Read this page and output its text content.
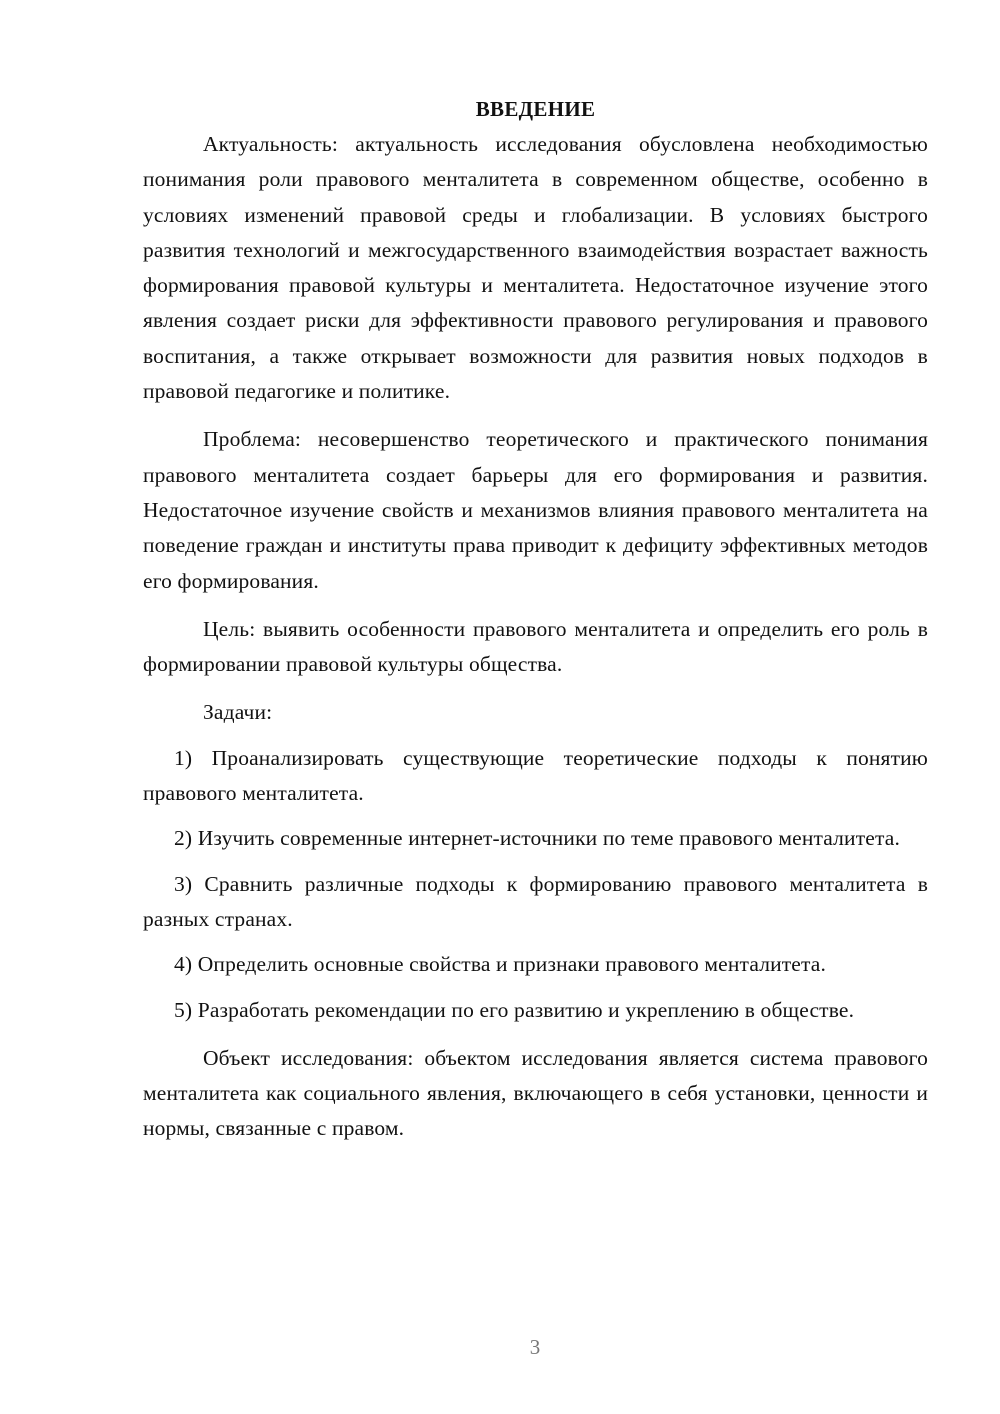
ВВЕДЕНИЕ

Актуальность: актуальность исследования обусловлена необходимостью понимания роли правового менталитета в современном обществе, особенно в условиях изменений правовой среды и глобализации. В условиях быстрого развития технологий и межгосударственного взаимодействия возрастает важность формирования правовой культуры и менталитета. Недостаточное изучение этого явления создает риски для эффективности правового регулирования и правового воспитания, а также открывает возможности для развития новых подходов в правовой педагогике и политике.

Проблема: несовершенство теоретического и практического понимания правового менталитета создает барьеры для его формирования и развития. Недостаточное изучение свойств и механизмов влияния правового менталитета на поведение граждан и институты права приводит к дефициту эффективных методов его формирования.

Цель: выявить особенности правового менталитета и определить его роль в формировании правовой культуры общества.

Задачи:

1) Проанализировать существующие теоретические подходы к понятию правового менталитета.

2) Изучить современные интернет-источники по теме правового менталитета.

3) Сравнить различные подходы к формированию правового менталитета в разных странах.

4) Определить основные свойства и признаки правового менталитета.

5) Разработать рекомендации по его развитию и укреплению в обществе.

Объект исследования: объектом исследования является система правового менталитета как социального явления, включающего в себя установки, ценности и нормы, связанные с правом.

3
